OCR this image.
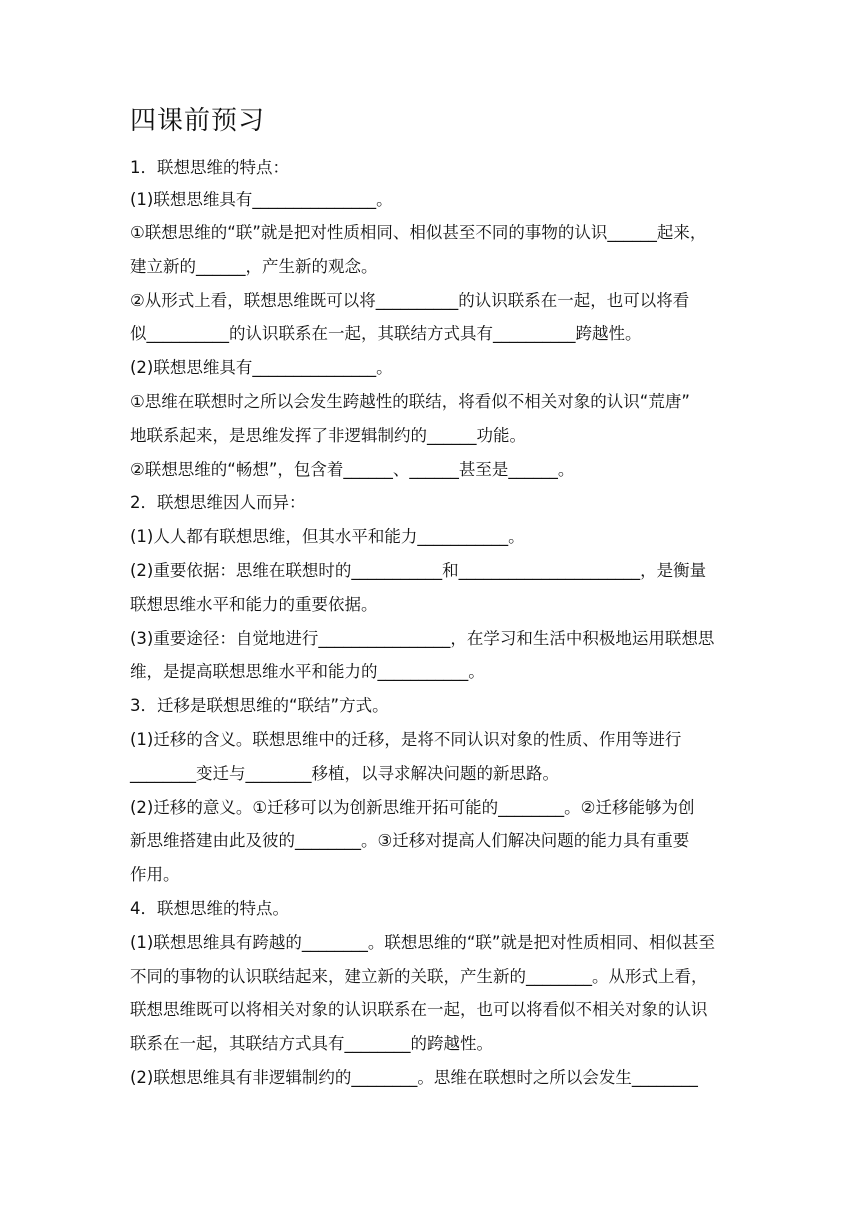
四课前预习

1．联想思维的特点：

(1)联想思维具有_______________。

①联想思维的“联”就是把对性质相同、相似甚至不同的事物的认识______起来，

建立新的______，产生新的观念。

②从形式上看，联想思维既可以将__________的认识联系在一起，也可以将看

似__________的认识联系在一起，其联结方式具有__________跨越性。

(2)联想思维具有_______________。

①思维在联想时之所以会发生跨越性的联结，将看似不相关对象的认识“荒唐”

地联系起来，是思维发挥了非逻辑制约的______功能。

②联想思维的“畅想”，包含着______、______甚至是______。

2．联想思维因人而异：

(1)人人都有联想思维，但其水平和能力___________。

(2)重要依据：思维在联想时的___________和______________________，是衡量

联想思维水平和能力的重要依据。

(3)重要途径：自觉地进行________________，在学习和生活中积极地运用联想思

维，是提高联想思维水平和能力的___________。

3．迁移是联想思维的“联结”方式。

(1)迁移的含义。联想思维中的迁移，是将不同认识对象的性质、作用等进行

________变迁与________移植，以寻求解决问题的新思路。

(2)迁移的意义。①迁移可以为创新思维开拓可能的________。②迁移能够为创

新思维搭建由此及彼的________。③迁移对提高人们解决问题的能力具有重要

作用。

4．联想思维的特点。

(1)联想思维具有跨越的________。联想思维的“联”就是把对性质相同、相似甚至

不同的事物的认识联结起来，建立新的关联，产生新的________。从形式上看，

联想思维既可以将相关对象的认识联系在一起，也可以将看似不相关对象的认识

联系在一起，其联结方式具有________的跨越性。

(2)联想思维具有非逻辑制约的________。思维在联想时之所以会发生________
